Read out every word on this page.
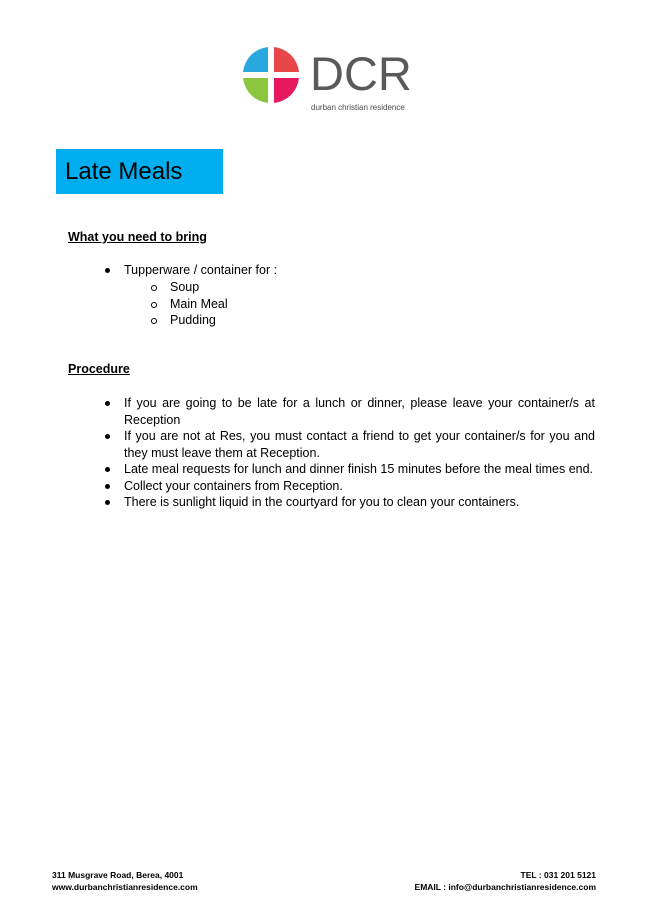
DCR
durban christian residence
Late Meals
What you need to bring
Tupperware / container for :
Soup
Main Meal
Pudding
Procedure
If you are going to be late for a lunch or dinner, please leave your container/s at Reception
If you are not at Res, you must contact a friend to get your container/s for you and they must leave them at Reception.
Late meal requests for lunch and dinner finish 15 minutes before the meal times end.
Collect your containers from Reception.
There is sunlight liquid in the courtyard for you to clean your containers.
311 Musgrave Road, Berea, 4001
www.durbanchristianresidence.com
TEL : 031 201 5121
EMAIL : info@durbanchristianresidence.com
